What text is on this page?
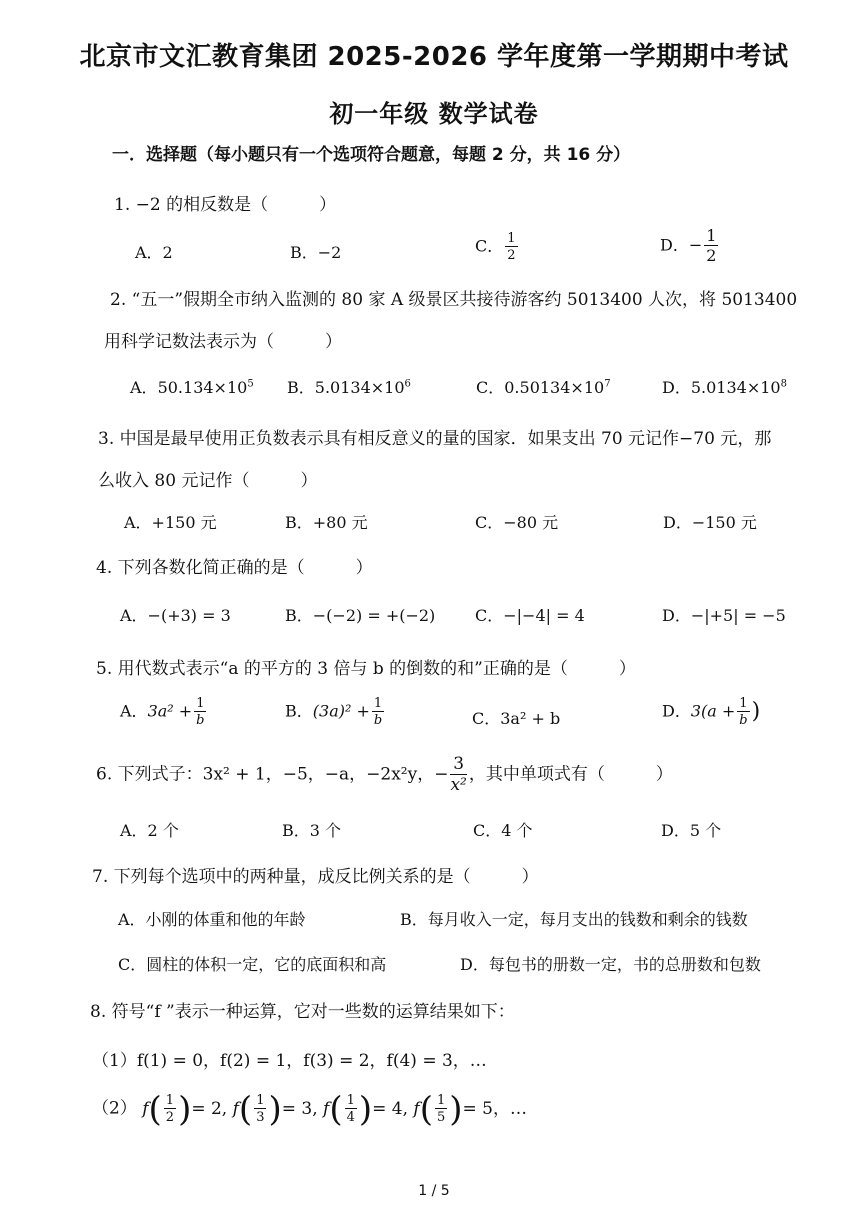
北京市文汇教育集团 2025-2026 学年度第一学期期中考试
初一年级 数学试卷
一．选择题（每小题只有一个选项符合题意，每题 2 分，共 16 分）
1. −2 的相反数是（　　　）
A．2	B．−2	C． $\frac{1}{2}$	D．− $\frac{1}{2}$
2. “五一”假期全市纳入监测的 80 家 A 级景区共接待游客约 5013400 人次，将 5013400
用科学记数法表示为（　　　）
A．$50.134\times 10^5$ B．$5.0134\times 10^6$	C．$0.50134\times 10^7$	D．$5.0134\times 10^8$
3. 中国是最早使用正负数表示具有相反意义的量的国家．如果支出 70 元记作−70 元，那
么收入 80 元记作（　　　）
A．+150 元	B．+80 元	C．−80 元	D．−150 元
4. 下列各数化简正确的是（　　　）
A．−(+3) = 3	B．−(−2) = +(−2) C．−|−4| = 4	D．−|+5| = −5
5. 用代数式表示“a 的平方的 3 倍与 b 的倒数的和”正确的是（　　　）
A．$3a^2 + \frac{1}{b}$	B．$(3a)^2 + \frac{1}{b}$	C．3a² + b	D．$3(a + \frac{1}{b}$ )
6. 下列式子：3x² + 1，−5，−a，−2x²y，− $\frac{3}{\text{x²}}$ ，其中单项式有（　　　）
A．2 个	B．3 个	C．4 个	D．5 个
7. 下列每个选项中的两种量，成反比例关系的是（　　　）
A．小刚的体重和他的年龄	B．每月收入一定，每月支出的钱数和剩余的钱数
C．圆柱的体积一定，它的底面积和高	D．每包书的册数一定，书的总册数和包数
8. 符号“f ”表示一种运算，它对一些数的运算结果如下：
（1）f(1) = 0，f(2) = 1，f(3) = 2，f(4) = 3，…
（2） $f( \frac{1}{2}$ )= 2, $f( \frac{1}{3}$ )= 3, $f( \frac{1}{4}$ )= 4, $f( \frac{1}{5}$ )= 5，…
1 / 5
